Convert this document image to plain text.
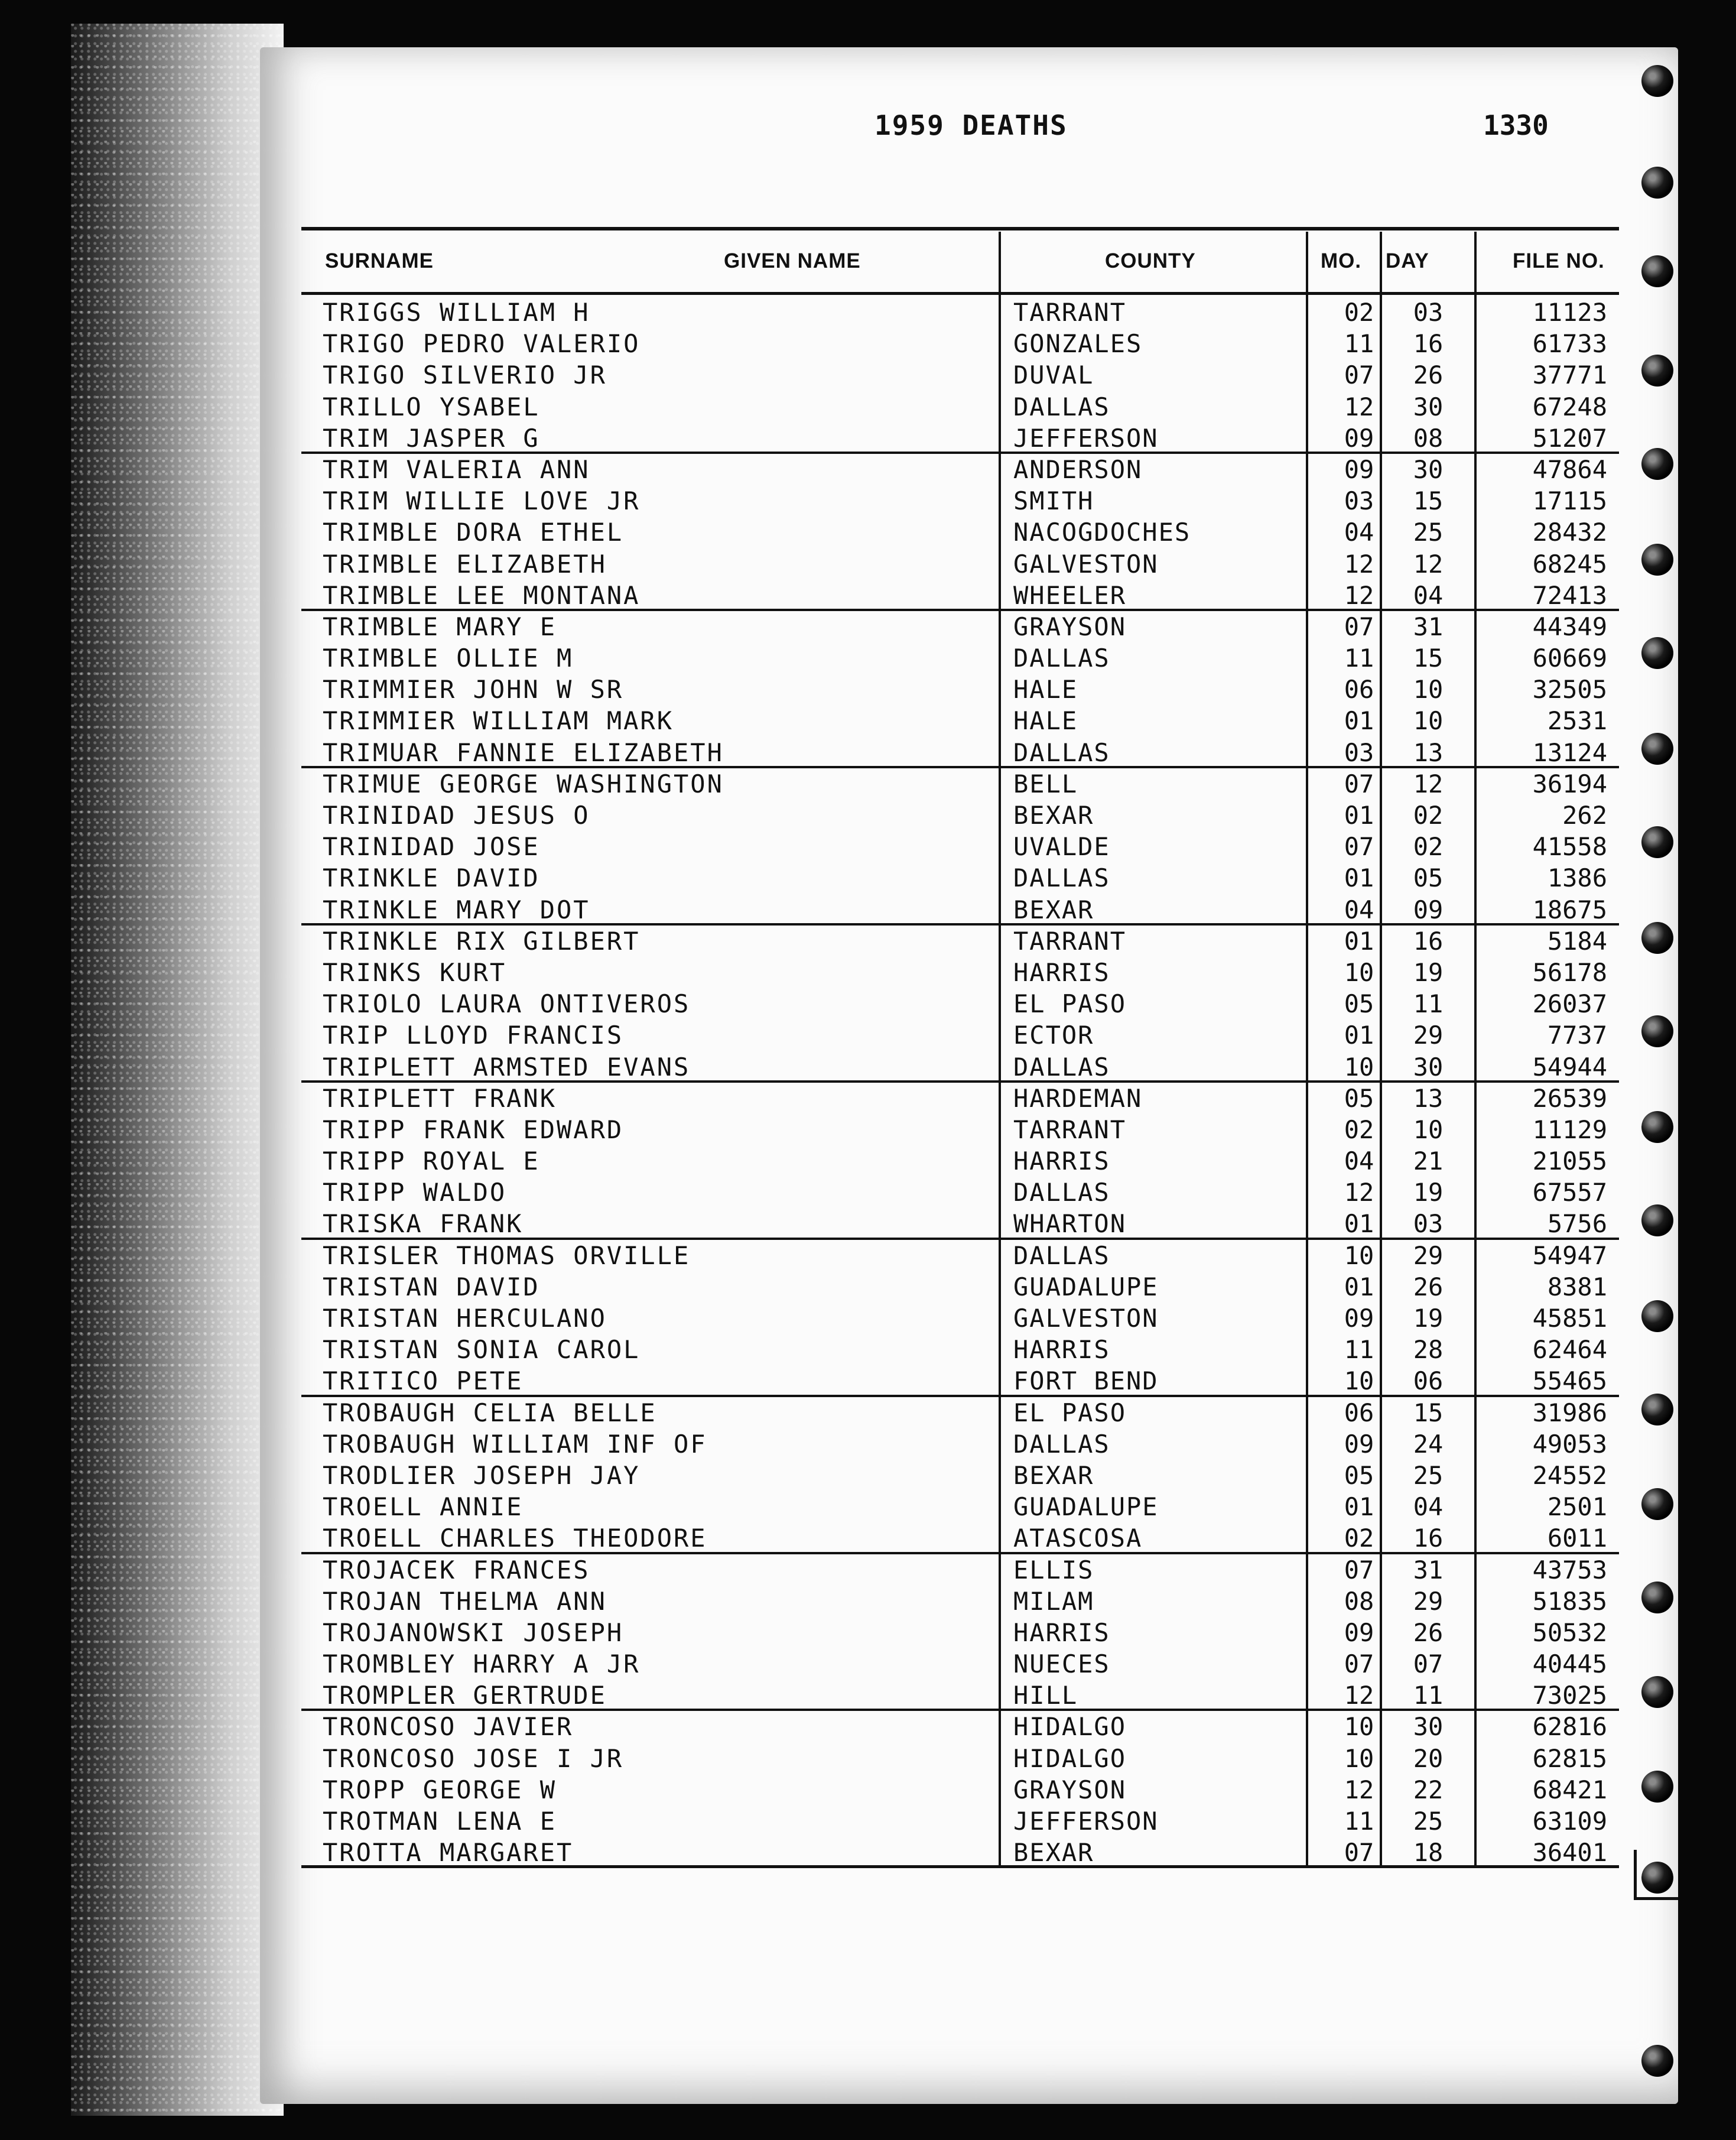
1959 DEATHS	1330
SURNAME	GIVEN NAME	COUNTY	MO. DAY	FILE NO.
TRIGGS WILLIAM H	TARRANT	02	03	11123
TRIGO PEDRO VALERIO	GONZALES	11	16	61733
TRIGO SILVERIO JR	DUVAL	07	26	37771
TRILLO YSABEL	DALLAS	12	30	67248
TRIM JASPER G	JEFFERSON	09	08	51207
TRIM VALERIA ANN	ANDERSON	09	30	47864
TRIM WILLIE LOVE JR	SMITH	03	15	17115
TRIMBLE DORA ETHEL	NACOGDOCHES	04	25	28432
TRIMBLE ELIZABETH	GALVESTON	12	12	68245
TRIMBLE LEE MONTANA	WHEELER	12	04	72413
TRIMBLE MARY E	GRAYSON	07	31	44349
TRIMBLE OLLIE M	DALLAS	11	15	60669
TRIMMIER JOHN W SR	HALE	06	10	32505
TRIMMIER WILLIAM MARK	HALE	01	10	2531
TRIMUAR FANNIE ELIZABETH	DALLAS	03	13	13124
TRIMUE GEORGE WASHINGTON	BELL	07	12	36194
TRINIDAD JESUS O	BEXAR	01	02	262
TRINIDAD JOSE	UVALDE	07	02	41558
TRINKLE DAVID	DALLAS	01	05	1386
TRINKLE MARY DOT	BEXAR	04	09	18675
TRINKLE RIX GILBERT	TARRANT	01	16	5184
TRINKS KURT	HARRIS	10	19	56178
TRIOLO LAURA ONTIVEROS	EL PASO	05	11	26037
TRIP LLOYD FRANCIS	ECTOR	01	29	7737
TRIPLETT ARMSTED EVANS	DALLAS	10	30	54944
TRIPLETT FRANK	HARDEMAN	05	13	26539
TRIPP FRANK EDWARD	TARRANT	02	10	11129
TRIPP ROYAL E	HARRIS	04	21	21055
TRIPP WALDO	DALLAS	12	19	67557
TRISKA FRANK	WHARTON	01	03	5756
TRISLER THOMAS ORVILLE	DALLAS	10	29	54947
TRISTAN DAVID	GUADALUPE	01	26	8381
TRISTAN HERCULANO	GALVESTON	09	19	45851
TRISTAN SONIA CAROL	HARRIS	11	28	62464
TRITICO PETE	FORT BEND	10	06	55465
TROBAUGH CELIA BELLE	EL PASO	06	15	31986
TROBAUGH WILLIAM INF OF	DALLAS	09	24	49053
TRODLIER JOSEPH JAY	BEXAR	05	25	24552
TROELL ANNIE	GUADALUPE	01	04	2501
TROELL CHARLES THEODORE	ATASCOSA	02	16	6011
TROJACEK FRANCES	ELLIS	07	31	43753
TROJAN THELMA ANN	MILAM	08	29	51835
TROJANOWSKI JOSEPH	HARRIS	09	26	50532
TROMBLEY HARRY A JR	NUECES	07	07	40445
TROMPLER GERTRUDE	HILL	12	11	73025
TRONCOSO JAVIER	HIDALGO	10	30	62816
TRONCOSO JOSE I JR	HIDALGO	10	20	62815
TROPP GEORGE W	GRAYSON	12	22	68421
TROTMAN LENA E	JEFFERSON	11	25	63109
TROTTA MARGARET	BEXAR	07	18	36401
